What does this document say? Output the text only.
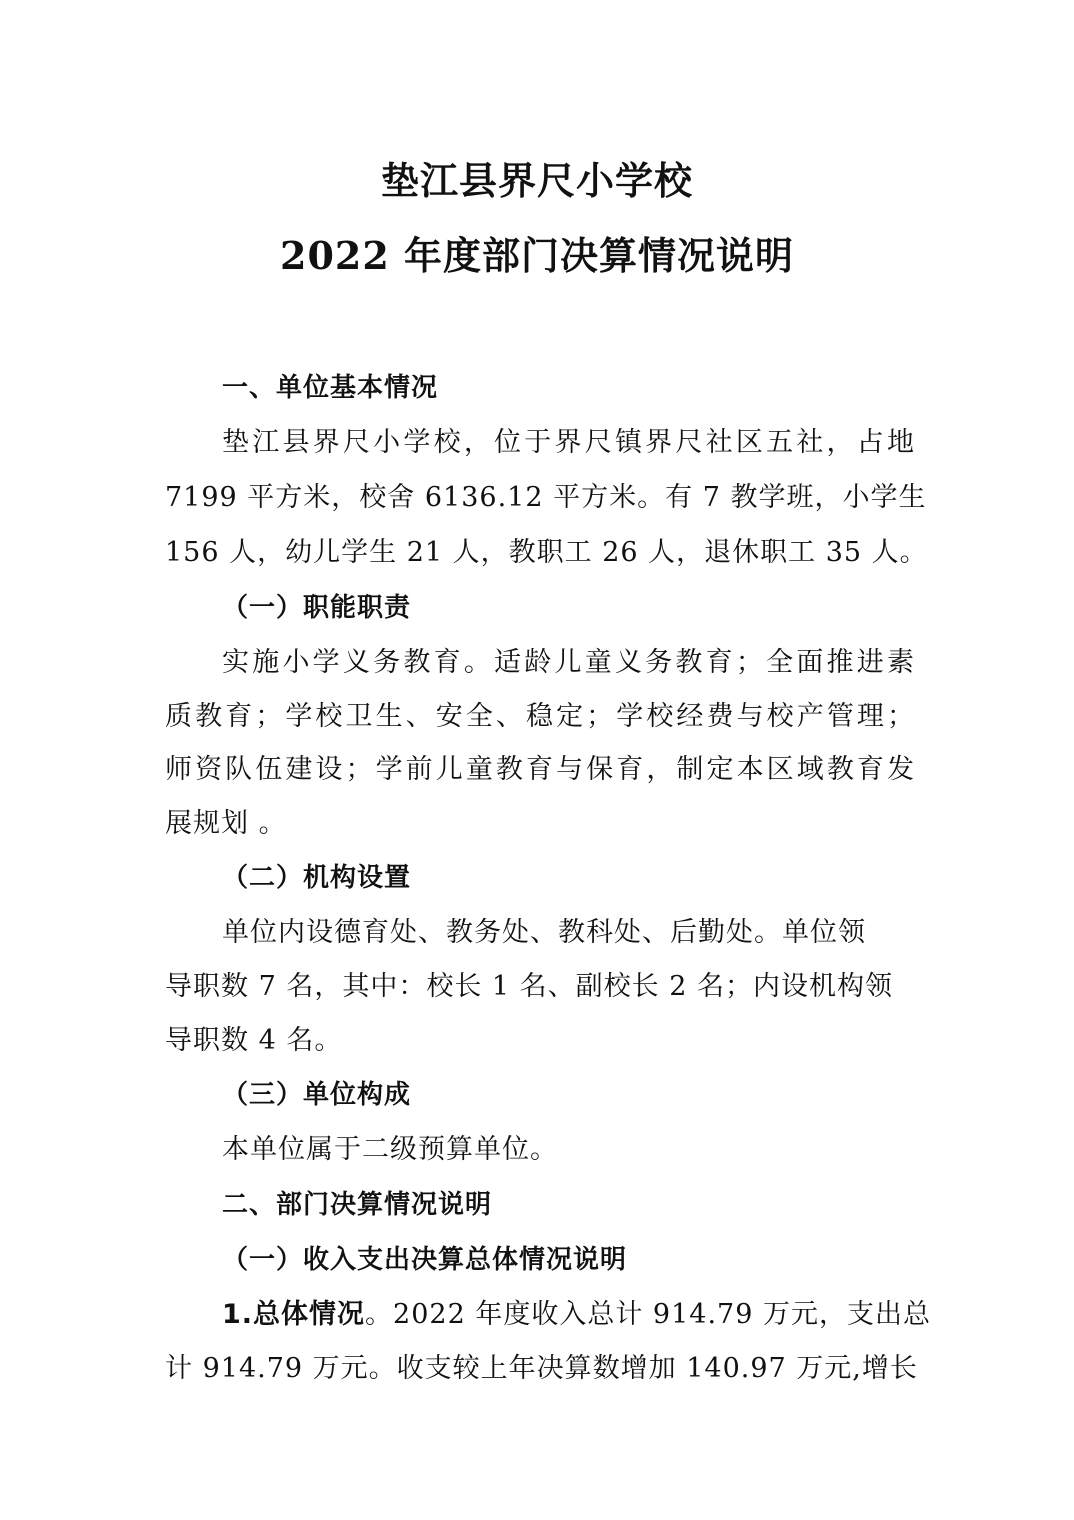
垫江县界尺小学校
2022 年度部门决算情况说明
一、单位基本情况
垫江县界尺小学校，位于界尺镇界尺社区五社，占地
7199 平方米，校舍 6136.12 平方米。有 7 教学班，小学生
156 人，幼儿学生 21 人，教职工 26 人，退休职工 35 人。
（一）职能职责
实施小学义务教育。适龄儿童义务教育；全面推进素
质教育；学校卫生、安全、稳定；学校经费与校产管理；
师资队伍建设；学前儿童教育与保育，制定本区域教育发
展规划 。
（二）机构设置
单位内设德育处、教务处、教科处、后勤处。单位领
导职数 7 名，其中：校长 1 名、副校长 2 名；内设机构领
导职数 4 名。
（三）单位构成
本单位属于二级预算单位。
二、部门决算情况说明
（一）收入支出决算总体情况说明
1.总体情况。2022 年度收入总计 914.79 万元，支出总
计 914.79 万元。收支较上年决算数增加 140.97 万元,增长
